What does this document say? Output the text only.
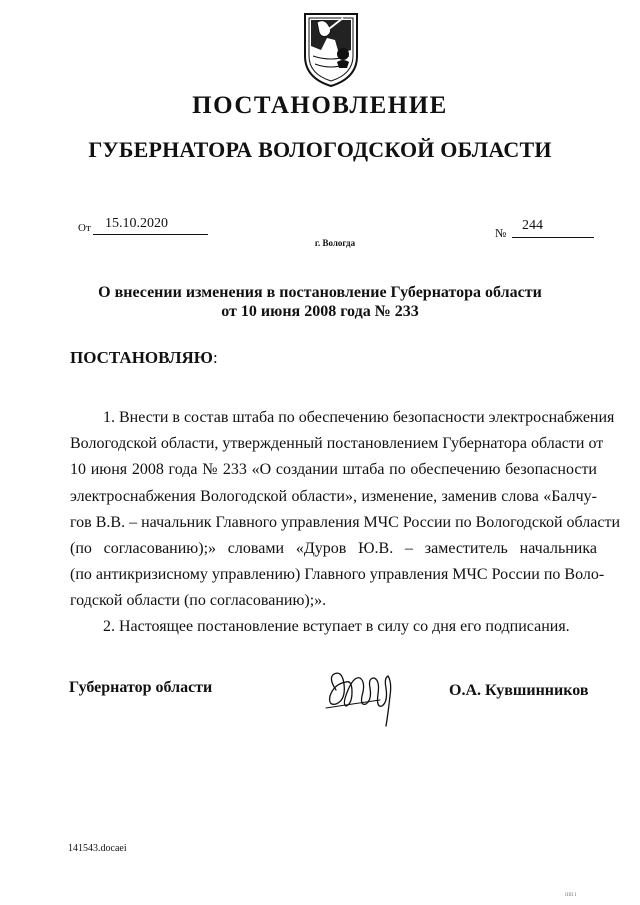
ПОСТАНОВЛЕНИЕ
ГУБЕРНАТОРА ВОЛОГОДСКОЙ ОБЛАСТИ
От 15.10.2020
г. Вологда
№ 244
О внесении изменения в постановление Губернатора области
от 10 июня 2008 года № 233
ПОСТАНОВЛЯЮ:
1. Внести в состав штаба по обеспечению безопасности электроснабжения
Вологодской области, утвержденный постановлением Губернатора области от
10 июня 2008 года № 233 «О создании штаба по обеспечению безопасности
электроснабжения Вологодской области», изменение, заменив слова «Балчу-
гов В.В. – начальник Главного управления МЧС России по Вологодской области
(по согласованию);» словами «Дуров Ю.В. – заместитель начальника
(по антикризисному управлению) Главного управления МЧС России по Воло-
годской области (по согласованию);».
2. Настоящее постановление вступает в силу со дня его подписания.
Губернатор области	О.А. Кувшинников
141543.docaei
ІІІІІ I
